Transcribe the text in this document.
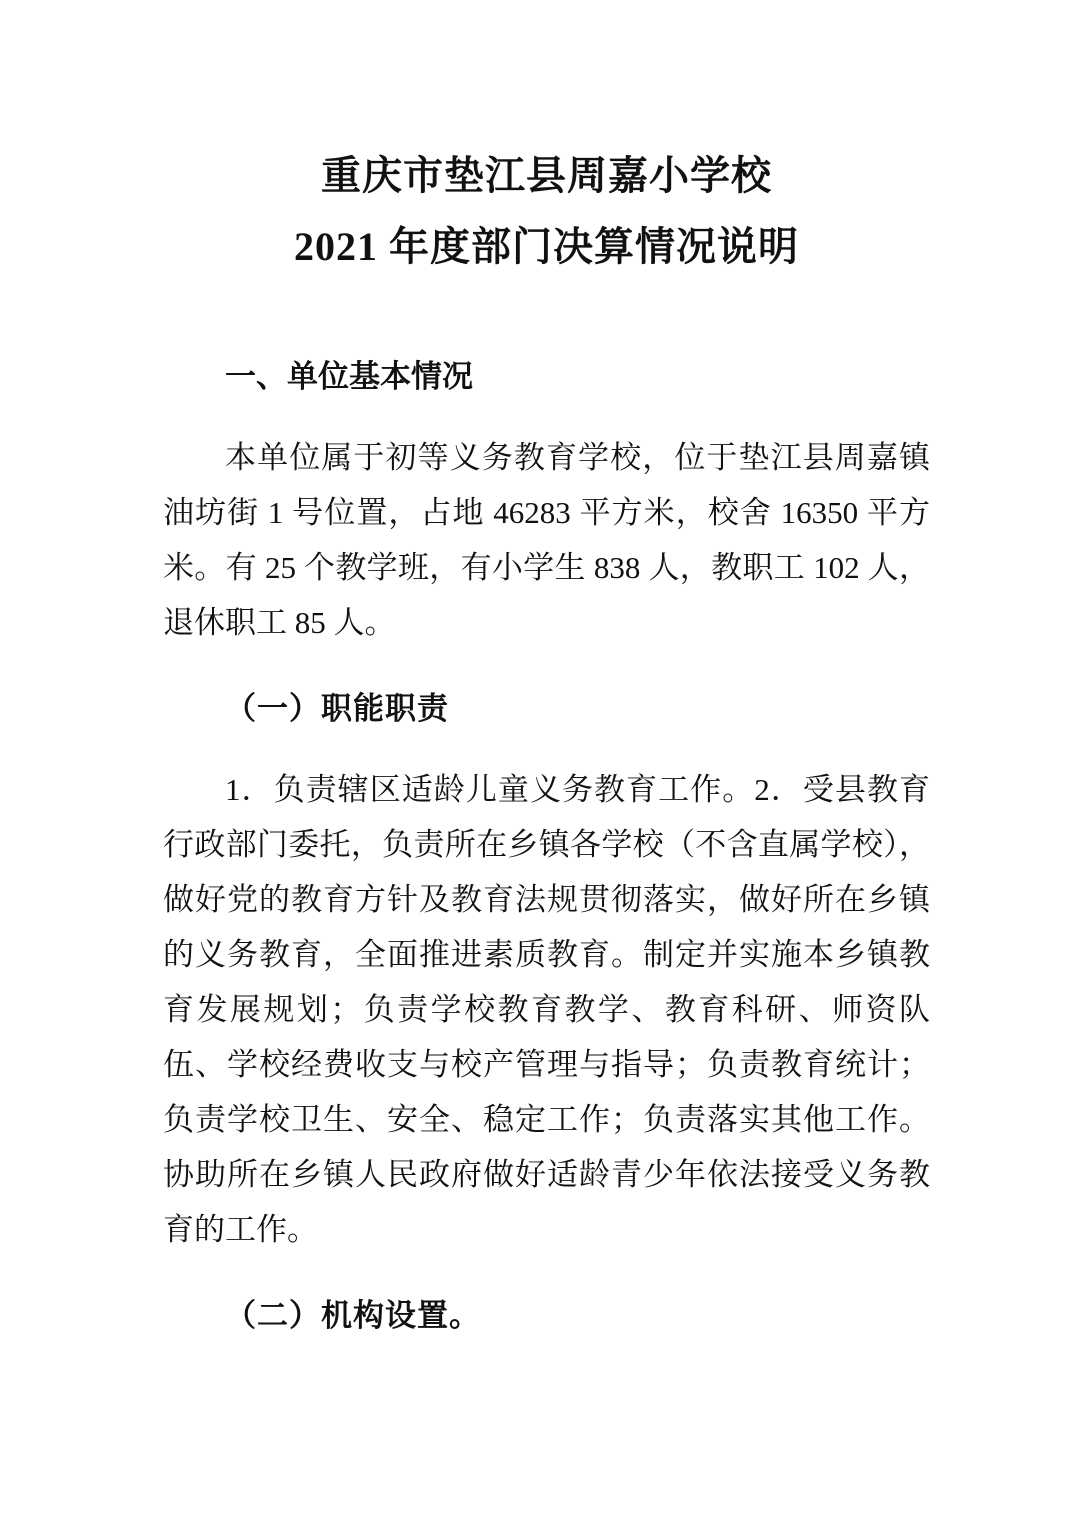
重庆市垫江县周嘉小学校
2021 年度部门决算情况说明
一、单位基本情况

本单位属于初等义务教育学校，位于垫江县周嘉镇油坊街 1 号位置，占地 46283 平方米，校舍 16350 平方米。有 25 个教学班，有小学生 838 人，教职工 102 人，退休职工 85 人。

（一）职能职责

1．负责辖区适龄儿童义务教育工作。2．受县教育行政部门委托，负责所在乡镇各学校（不含直属学校），做好党的教育方针及教育法规贯彻落实，做好所在乡镇的义务教育，全面推进素质教育。制定并实施本乡镇教育发展规划；负责学校教育教学、教育科研、师资队伍、学校经费收支与校产管理与指导；负责教育统计；负责学校卫生、安全、稳定工作；负责落实其他工作。协助所在乡镇人民政府做好适龄青少年依法接受义务教育的工作。

（二）机构设置。
